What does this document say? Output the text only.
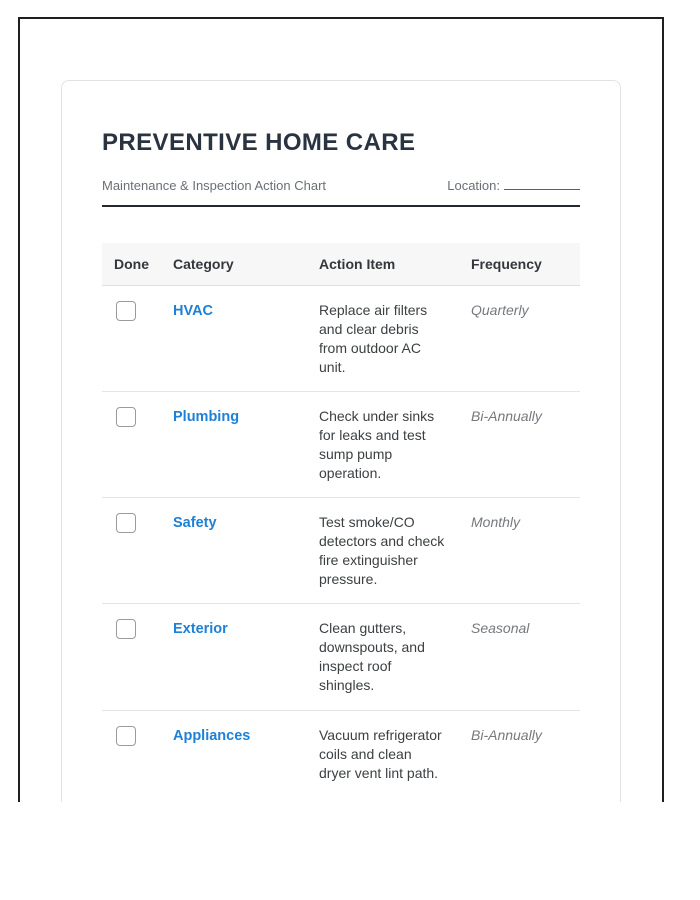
PREVENTIVE HOME CARE
Maintenance & Inspection Action Chart	Location:
Done	Category	Action Item	Frequency

	HVAC	Replace air filters and clear debris from outdoor AC unit.	Quarterly

	Plumbing	Check under sinks for leaks and test sump pump operation.	Bi-Annually

	Safety	Test smoke/CO detectors and check fire extinguisher pressure.	Monthly

	Exterior	Clean gutters, downspouts, and inspect roof shingles.	Seasonal

	Appliances	Vacuum refrigerator coils and clean dryer vent lint path.	Bi-Annually
